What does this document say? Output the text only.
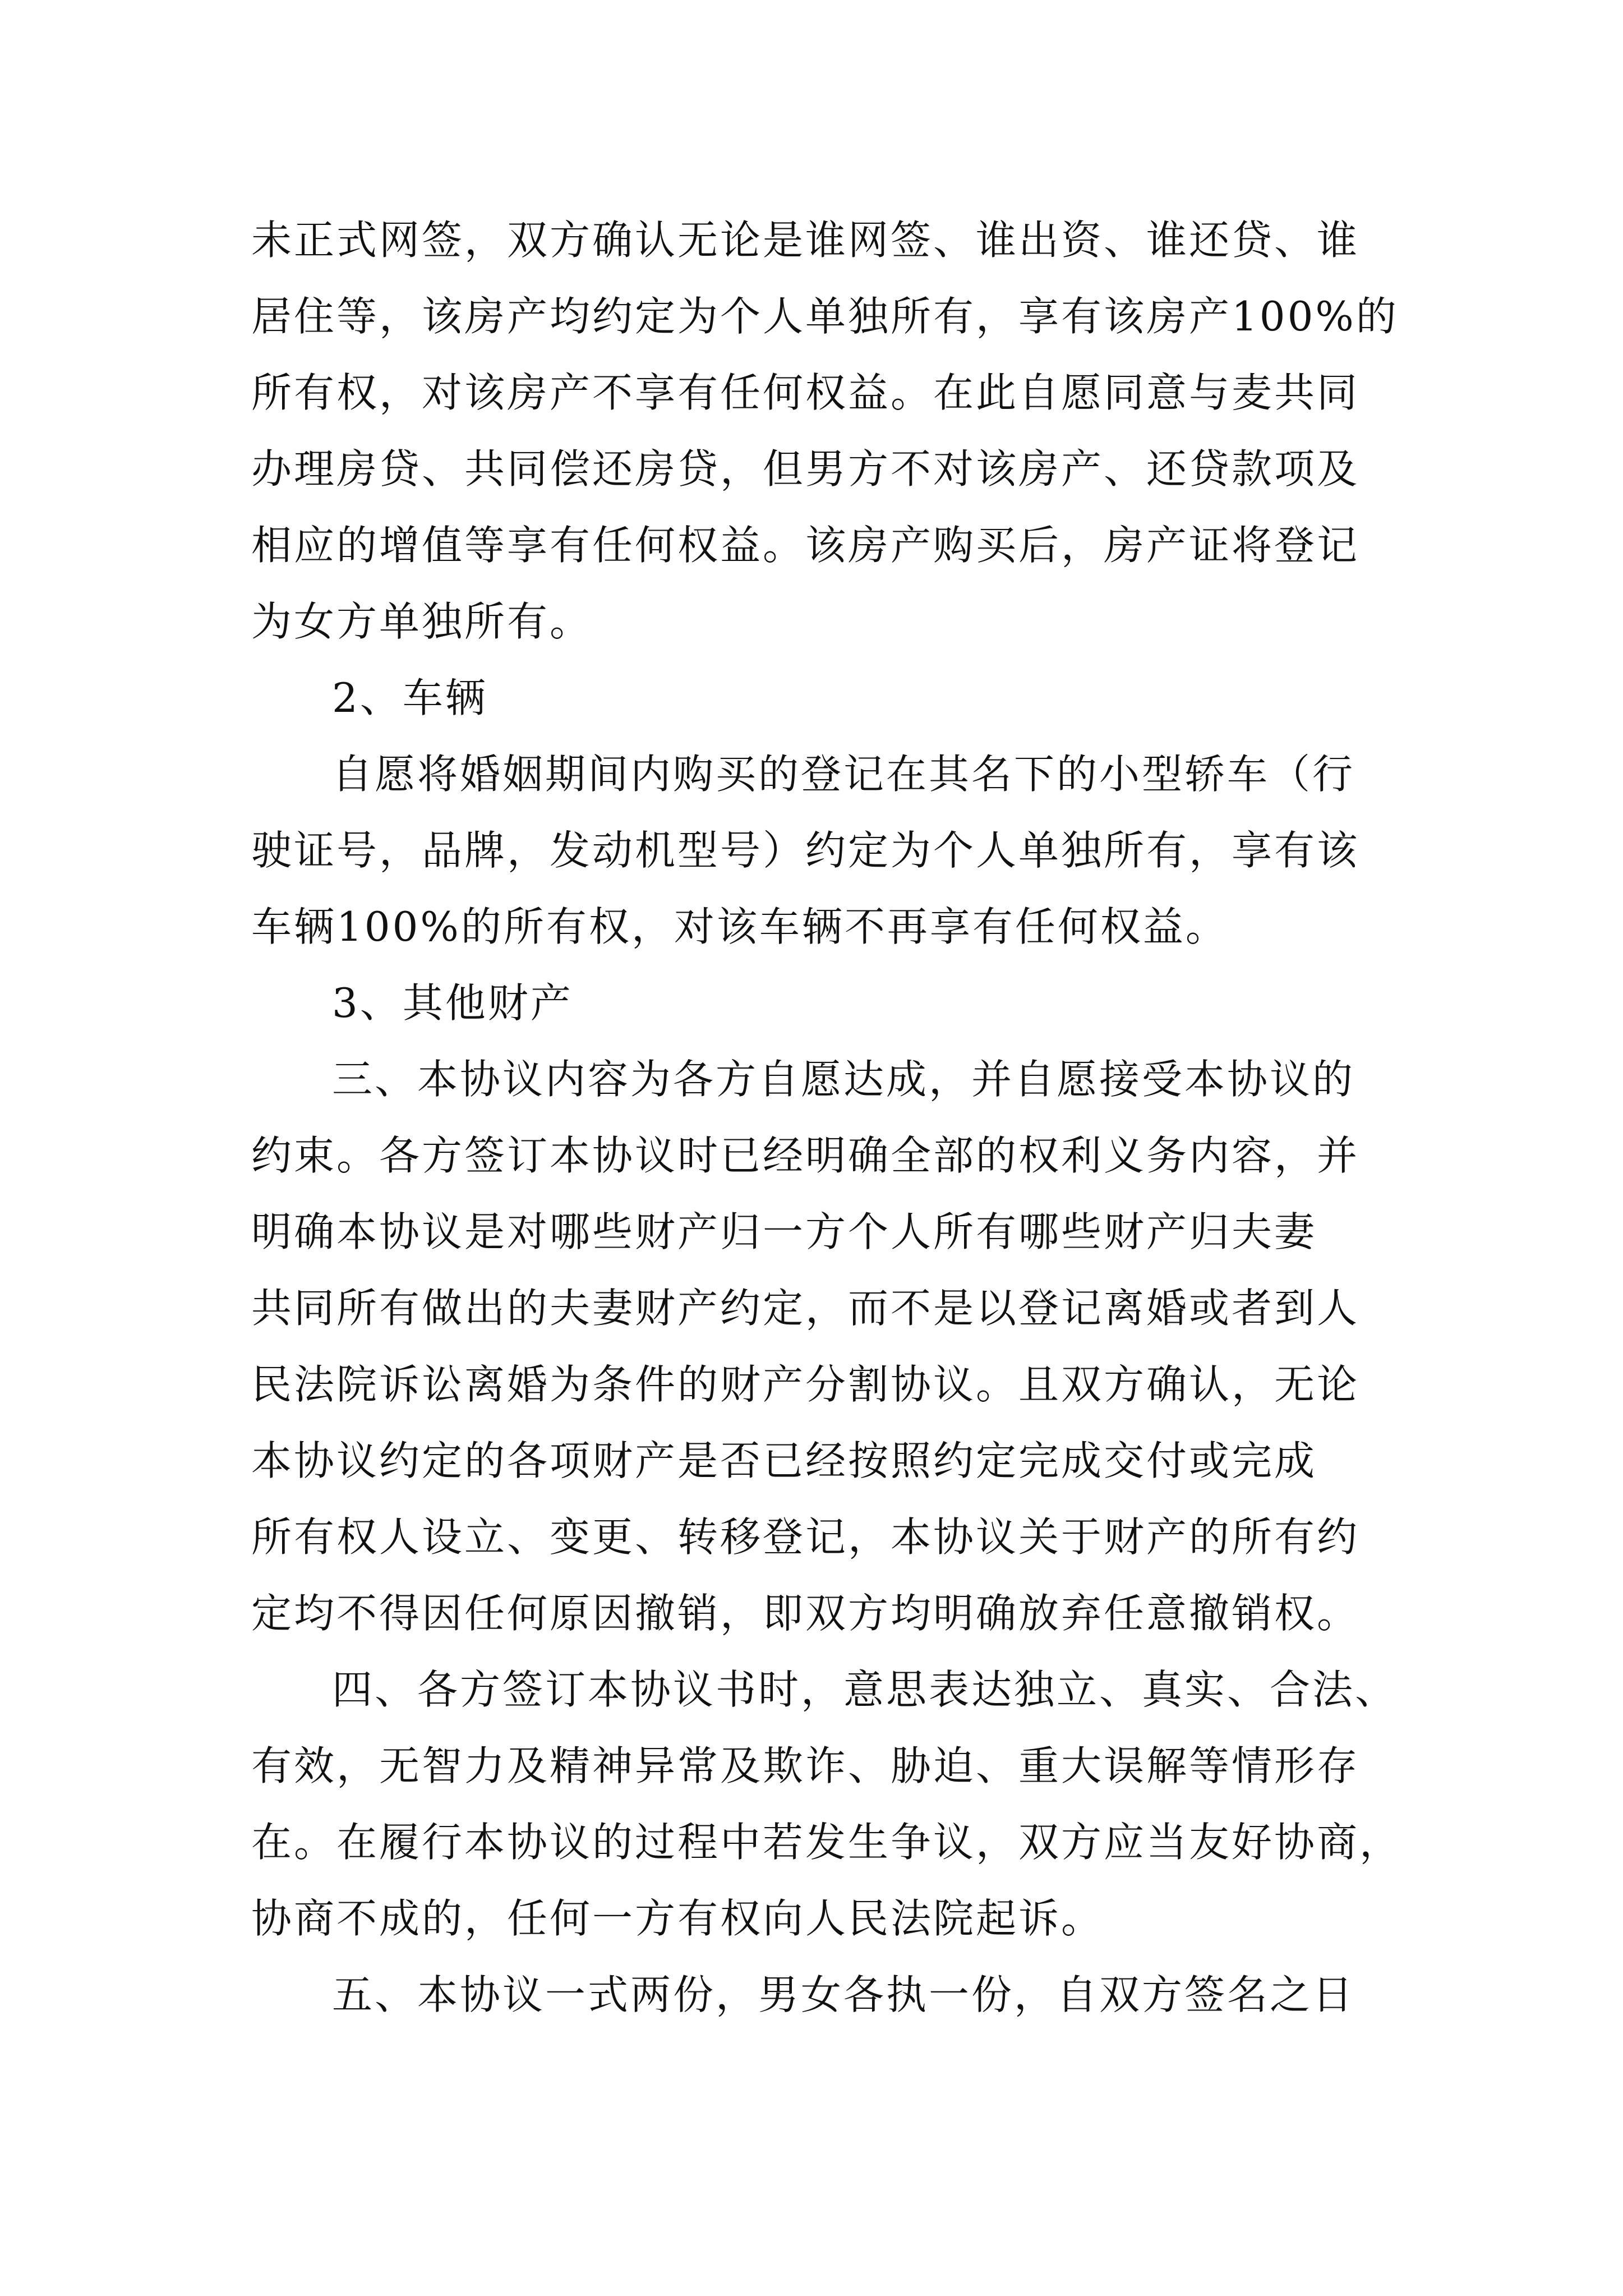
未正式网签，双方确认无论是谁网签、谁出资、谁还贷、谁
居住等，该房产均约定为个人单独所有，享有该房产100%的
所有权，对该房产不享有任何权益。在此自愿同意与麦共同
办理房贷、共同偿还房贷，但男方不对该房产、还贷款项及
相应的增值等享有任何权益。该房产购买后，房产证将登记
为女方单独所有。
2、车辆
自愿将婚姻期间内购买的登记在其名下的小型轿车（行
驶证号，品牌，发动机型号）约定为个人单独所有，享有该
车辆100%的所有权，对该车辆不再享有任何权益。
3、其他财产
三、本协议内容为各方自愿达成，并自愿接受本协议的
约束。各方签订本协议时已经明确全部的权利义务内容，并
明确本协议是对哪些财产归一方个人所有哪些财产归夫妻
共同所有做出的夫妻财产约定，而不是以登记离婚或者到人
民法院诉讼离婚为条件的财产分割协议。且双方确认，无论
本协议约定的各项财产是否已经按照约定完成交付或完成
所有权人设立、变更、转移登记，本协议关于财产的所有约
定均不得因任何原因撤销，即双方均明确放弃任意撤销权。
四、各方签订本协议书时，意思表达独立、真实、合法、
有效，无智力及精神异常及欺诈、胁迫、重大误解等情形存
在。在履行本协议的过程中若发生争议，双方应当友好协商，
协商不成的，任何一方有权向人民法院起诉。
五、本协议一式两份，男女各执一份，自双方签名之日
